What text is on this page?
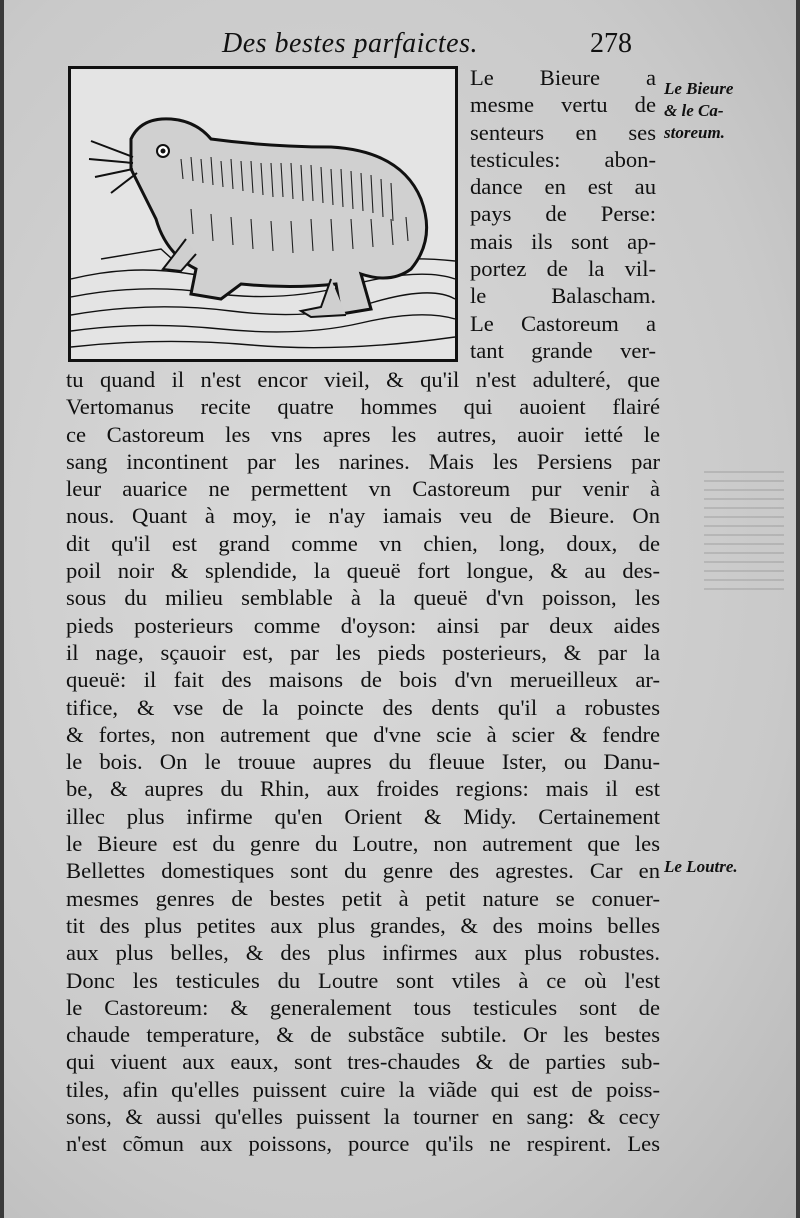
Des bestes parfaictes.	278
Le Bieure a
mesme vertu de
senteurs en ses
testicules: abon-
dance en est au
pays de Perse:
mais ils sont ap-
portez de la vil-
le Balascham.
Le Castoreum a
tant grande ver-
tu quand il n'est encor vieil, & qu'il n'est adulteré, que
Vertomanus recite quatre hommes qui auoient flairé
ce Castoreum les vns apres les autres, auoir ietté le
sang incontinent par les narines. Mais les Persiens par
leur auarice ne permettent vn Castoreum pur venir à
nous. Quant à moy, ie n'ay iamais veu de Bieure. On
dit qu'il est grand comme vn chien, long, doux, de
poil noir & splendide, la queuë fort longue, & au des-
sous du milieu semblable à la queuë d'vn poisson, les
pieds posterieurs comme d'oyson: ainsi par deux aides
il nage, sçauoir est, par les pieds posterieurs, & par la
queuë: il fait des maisons de bois d'vn merueilleux ar-
tifice, & vse de la poincte des dents qu'il a robustes
& fortes, non autrement que d'vne scie à scier & fendre
le bois. On le trouue aupres du fleuue Ister, ou Danu-
be, & aupres du Rhin, aux froides regions: mais il est
illec plus infirme qu'en Orient & Midy. Certainement
le Bieure est du genre du Loutre, non autrement que les
Bellettes domestiques sont du genre des agrestes. Car en
mesmes genres de bestes petit à petit nature se conuer-
tit des plus petites aux plus grandes, & des moins belles
aux plus belles, & des plus infirmes aux plus robustes.
Donc les testicules du Loutre sont vtiles à ce où l'est
le Castoreum: & generalement tous testicules sont de
chaude temperature, & de substãce subtile. Or les bestes
qui viuent aux eaux, sont tres-chaudes & de parties sub-
tiles, afin qu'elles puissent cuire la viãde qui est de poiss-
sons, & aussi qu'elles puissent la tourner en sang: & cecy
n'est cõmun aux poissons, pource qu'ils ne respirent. Les
Le Bieure
& le Ca-
storeum.
Le Loutre.
